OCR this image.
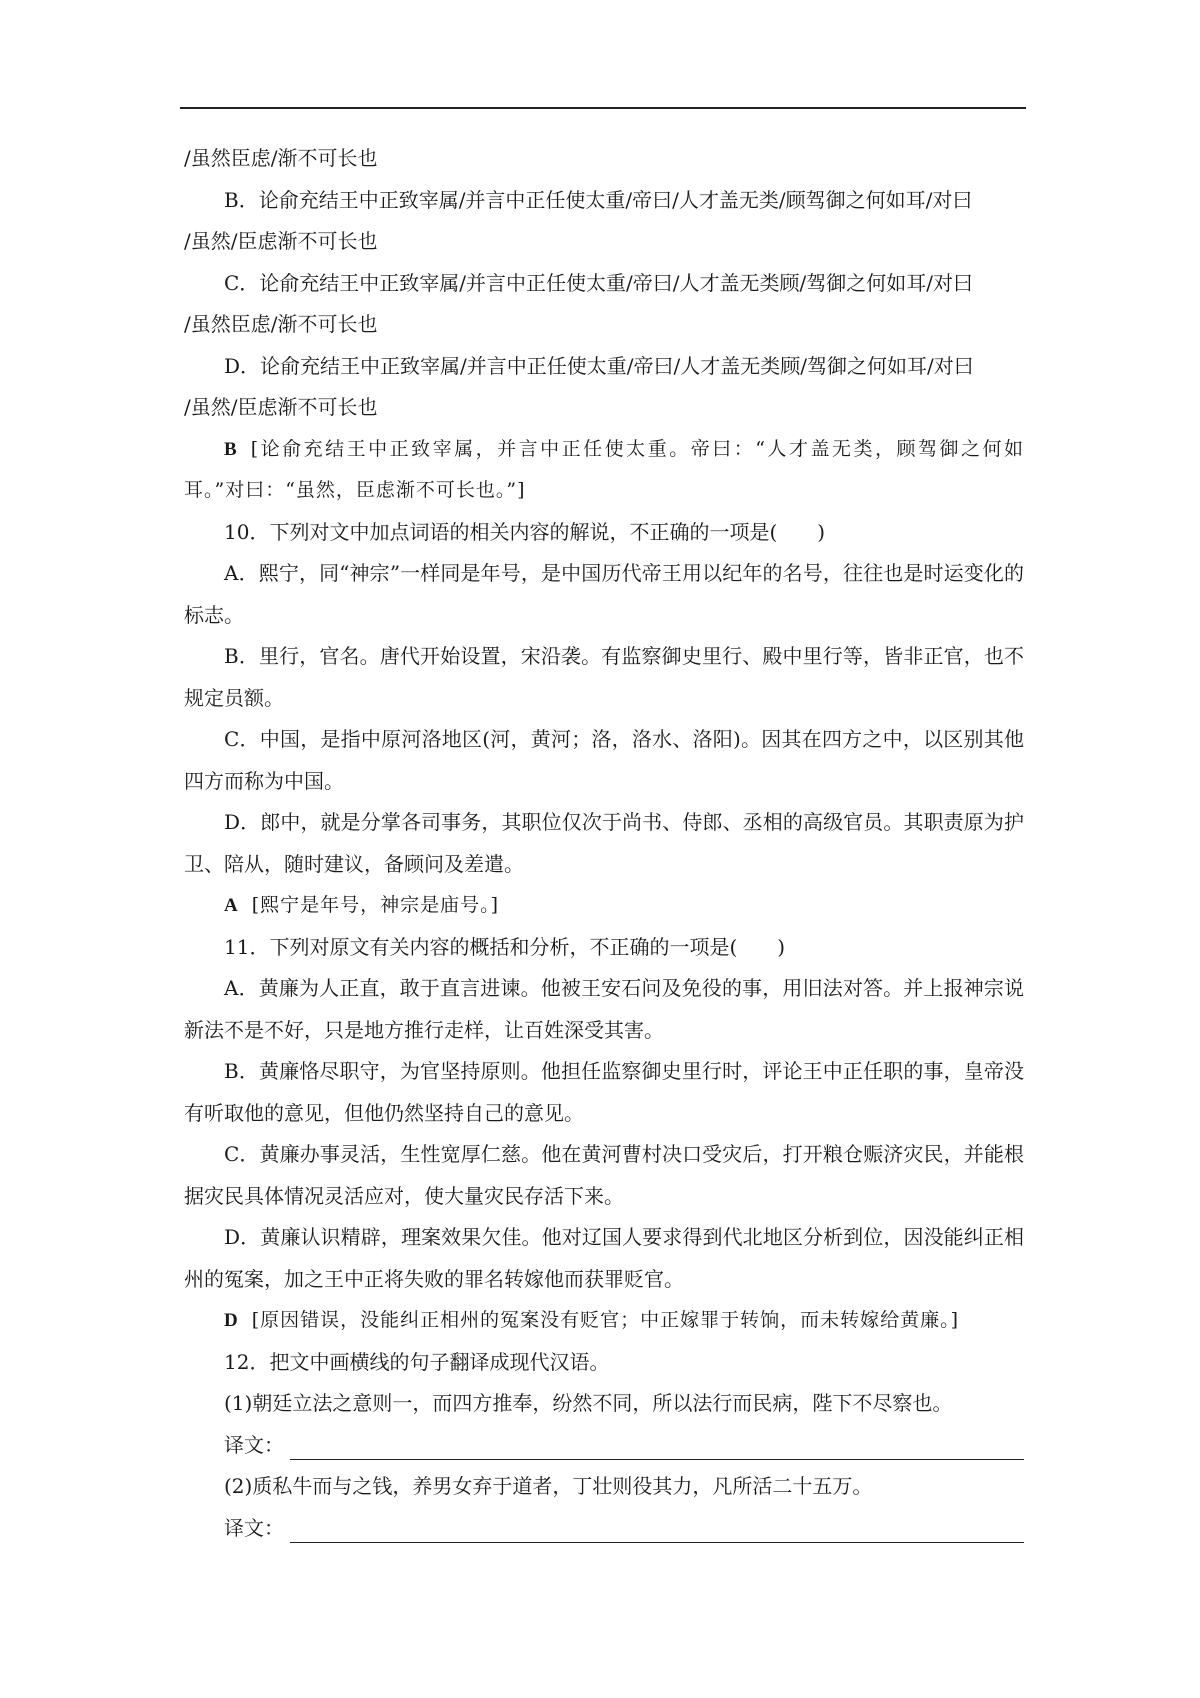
/虽然臣虑/渐不可长也

B．论俞充结王中正致宰属/并言中正任使太重/帝曰/人才盖无类/顾驾御之何如耳/对曰

/虽然/臣虑渐不可长也

C．论俞充结王中正致宰属/并言中正任使太重/帝曰/人才盖无类顾/驾御之何如耳/对曰

/虽然臣虑/渐不可长也

D．论俞充结王中正致宰属/并言中正任使太重/帝曰/人才盖无类顾/驾御之何如耳/对曰

/虽然/臣虑渐不可长也

B [论俞充结王中正致宰属，并言中正任使太重。帝曰：“人才盖无类，顾驾御之何如耳。”对曰：“虽然，臣虑渐不可长也。”]

10．下列对文中加点词语的相关内容的解说，不正确的一项是(　　)

A．熙宁，同“神宗”一样同是年号，是中国历代帝王用以纪年的名号，往往也是时运变化的标志。

B．里行，官名。唐代开始设置，宋沿袭。有监察御史里行、殿中里行等，皆非正官，也不规定员额。

C．中国，是指中原河洛地区(河，黄河；洛，洛水、洛阳)。因其在四方之中，以区别其他四方而称为中国。

D．郎中，就是分掌各司事务，其职位仅次于尚书、侍郎、丞相的高级官员。其职责原为护卫、陪从，随时建议，备顾问及差遣。

A [熙宁是年号，神宗是庙号。]

11．下列对原文有关内容的概括和分析，不正确的一项是(　　)

A．黄廉为人正直，敢于直言进谏。他被王安石问及免役的事，用旧法对答。并上报神宗说新法不是不好，只是地方推行走样，让百姓深受其害。

B．黄廉恪尽职守，为官坚持原则。他担任监察御史里行时，评论王中正任职的事，皇帝没有听取他的意见，但他仍然坚持自己的意见。

C．黄廉办事灵活，生性宽厚仁慈。他在黄河曹村决口受灾后，打开粮仓赈济灾民，并能根据灾民具体情况灵活应对，使大量灾民存活下来。

D．黄廉认识精辟，理案效果欠佳。他对辽国人要求得到代北地区分析到位，因没能纠正相州的冤案，加之王中正将失败的罪名转嫁他而获罪贬官。

D [原因错误，没能纠正相州的冤案没有贬官；中正嫁罪于转饷，而未转嫁给黄廉。]

12．把文中画横线的句子翻译成现代汉语。

(1)朝廷立法之意则一，而四方推奉，纷然不同，所以法行而民病，陛下不尽察也。

译文：

(2)质私牛而与之钱，养男女弃于道者，丁壮则役其力，凡所活二十五万。

译文：
